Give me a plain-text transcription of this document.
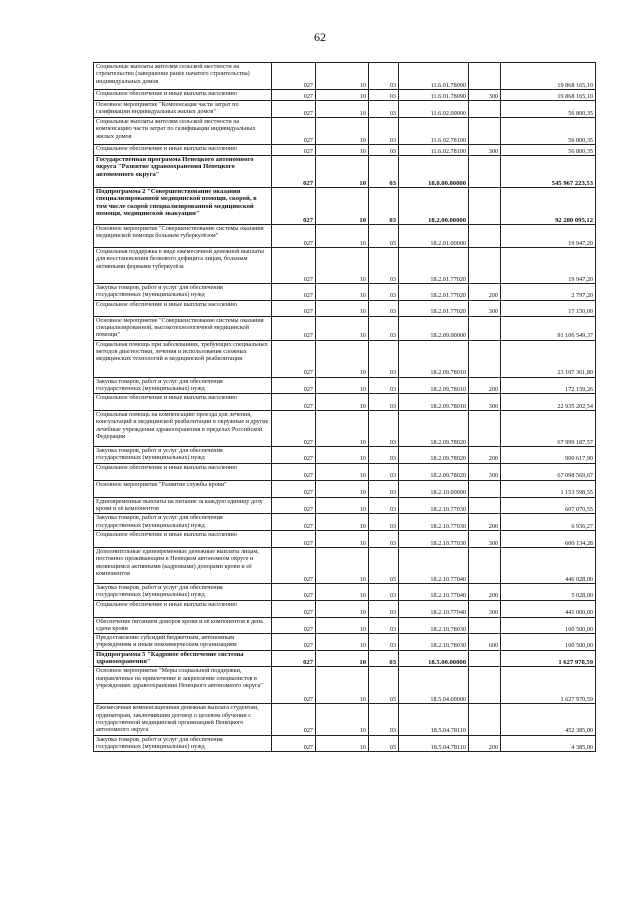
62
Социальные выплаты жителям сельской местности на строительство (завершение ранее начатого строительства) индивидуальных домов	027	10	03	11.6.01.78090		19 868 165,10
Социальное обеспечение и иные выплаты населению	027	10	03	11.6.01.78090	300	19 868 165,10
Основное мероприятие "Компенсация части затрат по газификации индивидуальных жилых домов"	027	10	03	11.6.02.00000		56 800,35
Социальные выплаты жителям сельской местности на компенсацию части затрат по газификации индивидуальных жилых домов	027	10	03	11.6.02.78100		56 800,35
Социальное обеспечение и иные выплаты населению	027	10	03	11.6.02.78100	300	56 800,35
Государственная программа Ненецкого автономного округа "Развитие здравоохранения Ненецкого автономного округа"	027	10	03	18.0.00.00000		545 967 223,53
Подпрограмма 2 "Совершенствование оказания специализированной медицинской помощи, скорой, в том числе скорой специализированной медицинской помощи, медицинской эвакуации"	027	10	03	18.2.00.00000		92 280 095,12
Основное мероприятие "Совершенствование системы оказания медицинской помощи больным туберкулёзом"	027	10	03	18.2.01.00000		19 947,20
Социальная поддержка в виде ежемесячной денежной выплаты для восстановления белкового дефицита лицам, больным активными формами туберкулёза	027	10	03	18.2.01.77020		19 947,20
Закупка товаров, работ и услуг для обеспечения государственных (муниципальных) нужд	027	10	03	18.2.01.77020	200	2 797,20
Социальное обеспечение и иные выплаты населению	027	10	03	18.2.01.77020	300	17 150,00
Основное мероприятие "Совершенствование системы оказания специализированной, высокотехнологичной медицинской помощи"	027	10	03	18.2.09.00000		91 106 549,37
Социальная помощь при заболеваниях, требующих специальных методов диагностики, лечения и использования сложных медицинских технологий и медицинской реабилитации	027	10	03	18.2.09.78010		23 107 361,80
Закупка товаров, работ и услуг для обеспечения государственных (муниципальных) нужд	027	10	03	18.2.09.78010	200	172 159,26
Социальное обеспечение и иные выплаты населению	027	10	03	18.2.09.78010	300	22 935 202,54
Социальная помощь на компенсацию проезда для лечения, консультаций и медицинской реабилитации в окружные и другие лечебные учреждения здравоохранения в пределах Российской Федерации	027	10	03	18.2.09.78020		67 999 187,57
Закупка товаров, работ и услуг для обеспечения государственных (муниципальных) нужд	027	10	03	18.2.09.78020	200	900 617,90
Социальное обеспечение и иные выплаты населению	027	10	03	18.2.09.78020	300	67 098 569,67
Основное мероприятие "Развитие службы крови"	027	10	03	18.2.10.00000		1 153 598,55
Единовременные выплаты на питание за каждую единицу дозу крови и её компонентов	027	10	03	18.2.10.77030		607 070,55
Закупка товаров, работ и услуг для обеспечения государственных (муниципальных) нужд	027	10	03	18.2.10.77030	200	6 936,27
Социальное обеспечение и иные выплаты населению	027	10	03	18.2.10.77030	300	600 134,28
Дополнительные единовременные денежные выплаты лицам, постоянно проживающим в Ненецком автономном округе и являющимся активными (кадровыми) донорами крови и её компонентов	027	10	03	18.2.10.77040		446 028,00
Закупка товаров, работ и услуг для обеспечения государственных (муниципальных) нужд	027	10	03	18.2.10.77040	200	5 028,00
Социальное обеспечение и иные выплаты населению	027	10	03	18.2.10.77040	300	441 000,00
Обеспечение питанием доноров крови и её компонентов в день сдачи крови	027	10	03	18.2.10.78030		100 500,00
Предоставление субсидий бюджетным, автономным учреждениям и иным некоммерческим организациям	027	10	03	18.2.10.78030	600	100 500,00
Подпрограмма 5 "Кадровое обеспечение системы здравоохранения"	027	10	03	18.5.00.00000		1 627 970,59
Основное мероприятие "Меры социальной поддержки, направленные на привлечение и закрепление специалистов в учреждениях здравоохранения Ненецкого автономного округа"	027	10	03	18.5.04.00000		1 627 970,59
Ежемесячная компенсационная денежная выплата студентам, ординаторам, заключившим договор о целевом обучении с государственной медицинской организацией Ненецкого автономного округа	027	10	03	18.5.04.78110		452 385,00
Закупка товаров, работ и услуг для обеспечения государственных (муниципальных) нужд	027	10	03	18.5.04.78110	200	4 385,00
